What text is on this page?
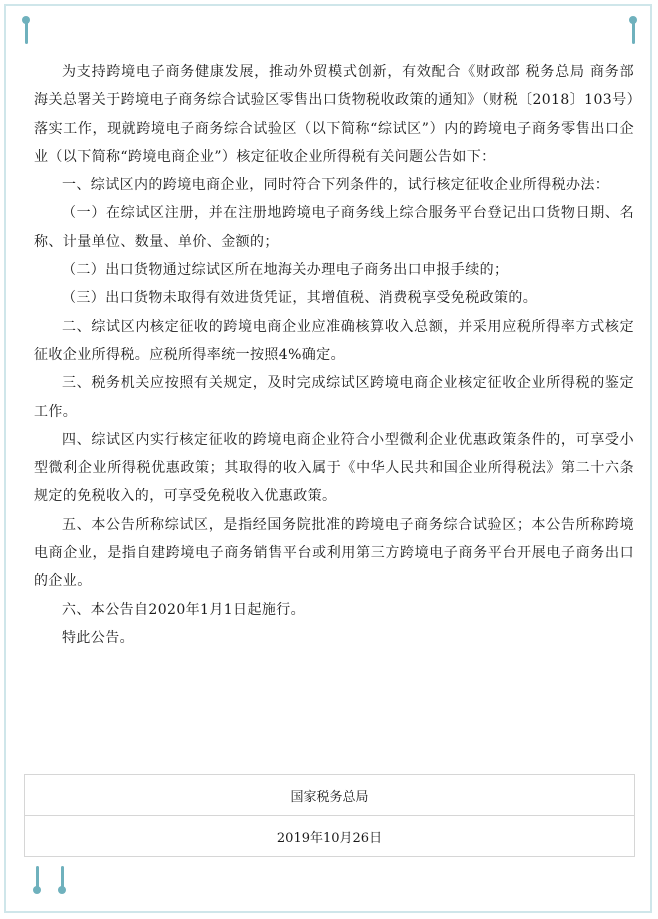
为支持跨境电子商务健康发展，推动外贸模式创新，有效配合《财政部 税务总局 商务部 海关总署关于跨境电子商务综合试验区零售出口货物税收政策的通知》（财税〔2018〕103号）落实工作，现就跨境电子商务综合试验区（以下简称“综试区”）内的跨境电子商务零售出口企业（以下简称“跨境电商企业”）核定征收企业所得税有关问题公告如下：

一、综试区内的跨境电商企业，同时符合下列条件的，试行核定征收企业所得税办法：

（一）在综试区注册，并在注册地跨境电子商务线上综合服务平台登记出口货物日期、名称、计量单位、数量、单价、金额的；

（二）出口货物通过综试区所在地海关办理电子商务出口申报手续的；

（三）出口货物未取得有效进货凭证，其增值税、消费税享受免税政策的。

二、综试区内核定征收的跨境电商企业应准确核算收入总额，并采用应税所得率方式核定征收企业所得税。应税所得率统一按照4%确定。

三、税务机关应按照有关规定，及时完成综试区跨境电商企业核定征收企业所得税的鉴定工作。

四、综试区内实行核定征收的跨境电商企业符合小型微利企业优惠政策条件的，可享受小型微利企业所得税优惠政策；其取得的收入属于《中华人民共和国企业所得税法》第二十六条规定的免税收入的，可享受免税收入优惠政策。

五、本公告所称综试区，是指经国务院批准的跨境电子商务综合试验区；本公告所称跨境电商企业，是指自建跨境电子商务销售平台或利用第三方跨境电子商务平台开展电子商务出口的企业。

六、本公告自2020年1月1日起施行。

特此公告。

国家税务总局
2019年10月26日
